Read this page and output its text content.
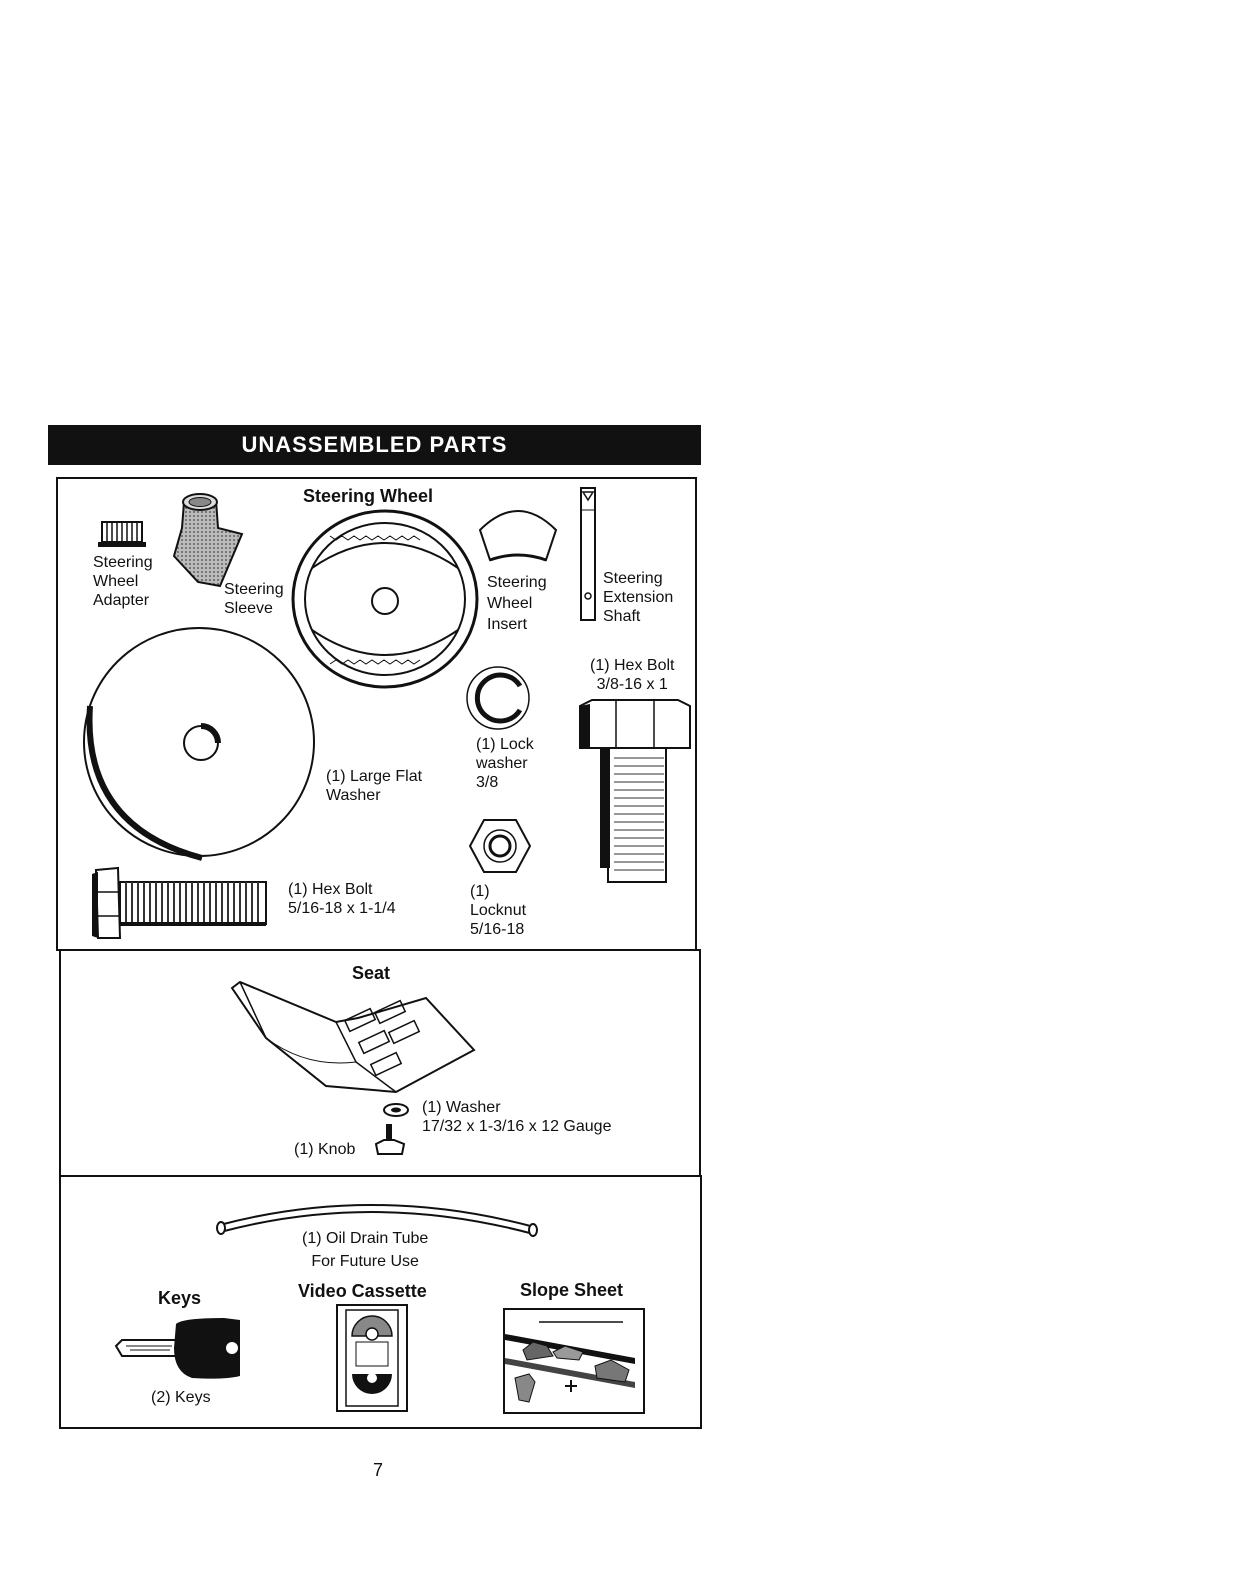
UNASSEMBLED PARTS
Steering
Wheel
Adapter
Steering
Sleeve
Steering Wheel
Steering
Wheel
Insert
Steering
Extension
Shaft
(1) Hex Bolt
3/8-16 x 1
(1) Lock
washer
3/8
(1) Large Flat
Washer
(1)
Locknut
5/16-18
(1) Hex Bolt
5/16-18 x 1-1/4
Seat
(1) Washer
17/32 x 1-3/16 x 12 Gauge
(1) Knob
(1) Oil Drain Tube
For Future Use
Keys
(2) Keys
Video Cassette	Slope Sheet
7
